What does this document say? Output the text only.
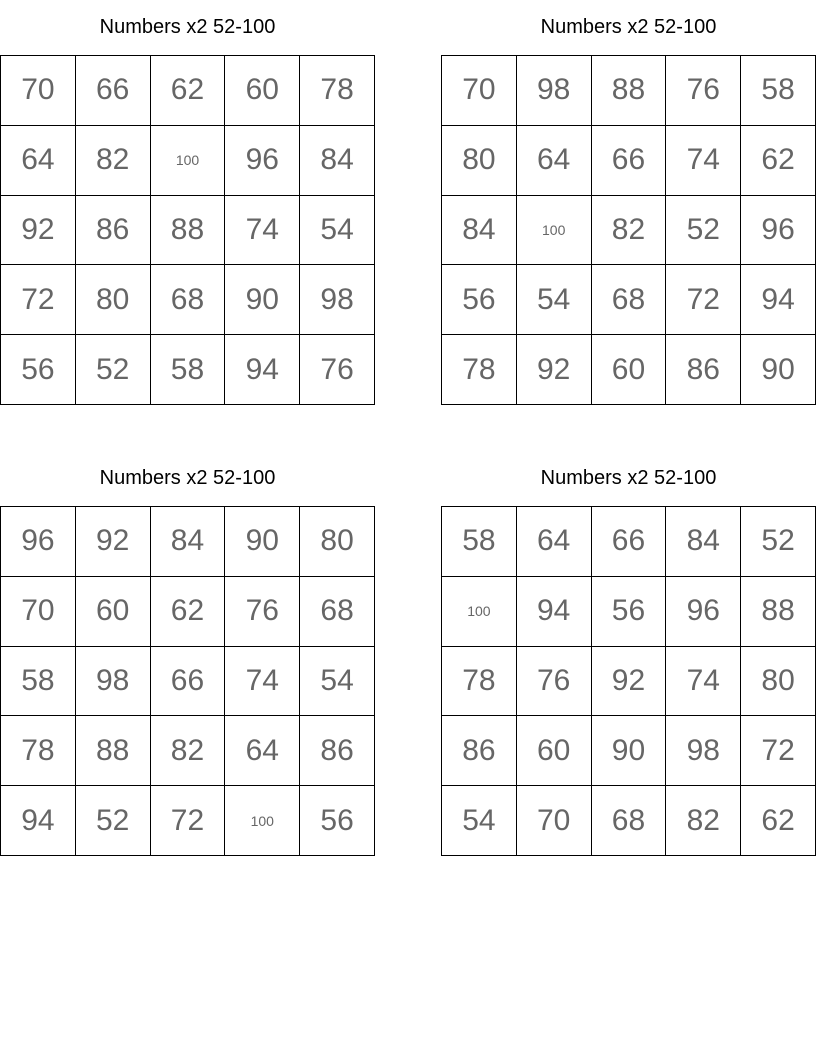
Numbers x2 52-100
70	66	62	60	78
64	82	100	96	84
92	86	88	74	54
72	80	68	90	98
56	52	58	94	76
Numbers x2 52-100
70	98	88	76	58
80	64	66	74	62
84	100	82	52	96
56	54	68	72	94
78	92	60	86	90
Numbers x2 52-100
96	92	84	90	80
70	60	62	76	68
58	98	66	74	54
78	88	82	64	86
94	52	72	100	56
Numbers x2 52-100
58	64	66	84	52
100	94	56	96	88
78	76	92	74	80
86	60	90	98	72
54	70	68	82	62
